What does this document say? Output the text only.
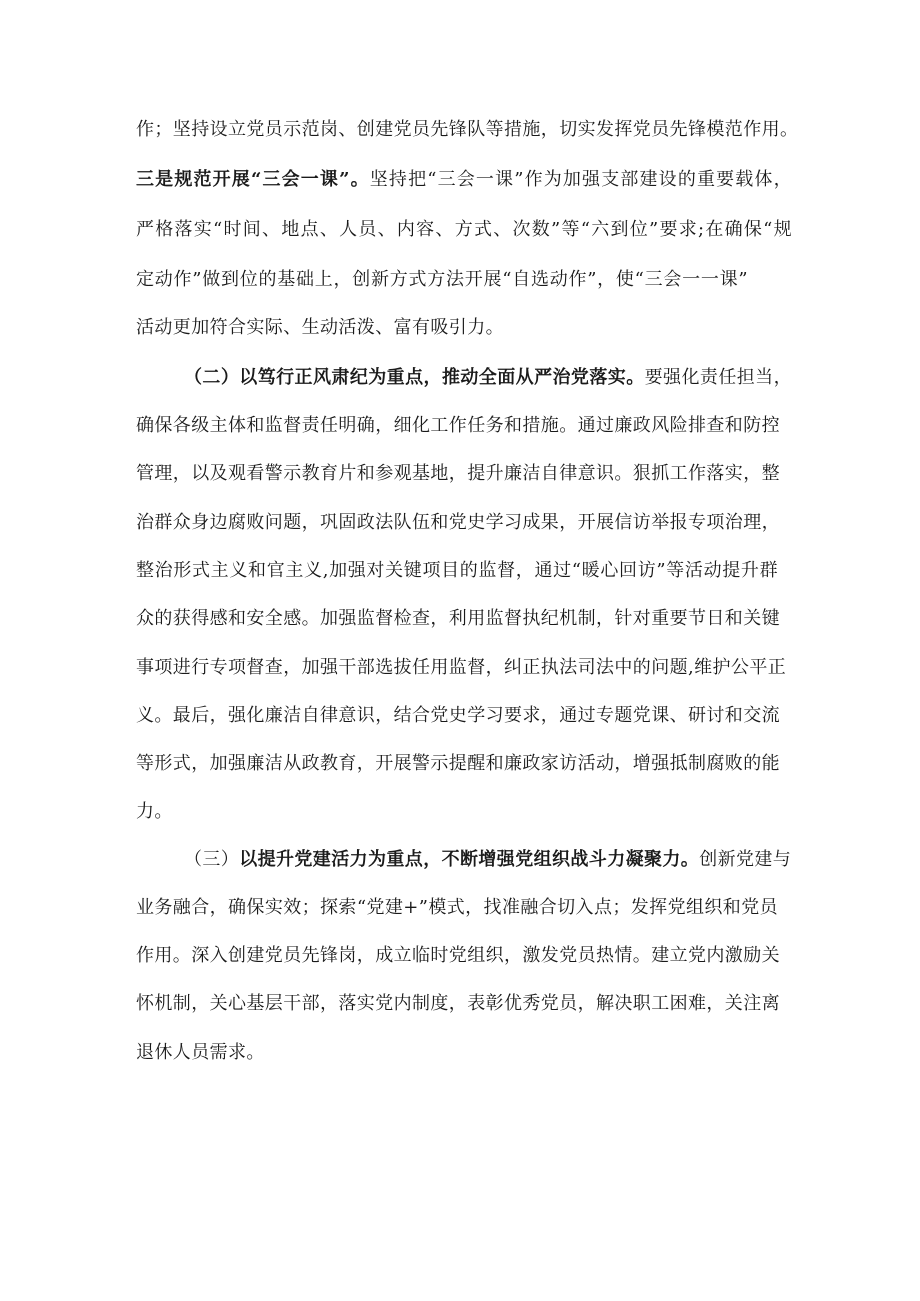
作；坚持设立党员示范岗、创建党员先锋队等措施，切实发挥党员先锋模范作用。
三是规范开展“三会一课”。坚持把“三会一课”作为加强支部建设的重要载体，
严格落实“时间、地点、人员、内容、方式、次数”等“六到位”要求;在确保“规
定动作”做到位的基础上，创新方式方法开展“自选动作”，使“三会一一课”
活动更加符合实际、生动活泼、富有吸引力。
（二）以笃行正风肃纪为重点，推动全面从严治党落实。要强化责任担当，
确保各级主体和监督责任明确，细化工作任务和措施。通过廉政风险排查和防控
管理，以及观看警示教育片和参观基地，提升廉洁自律意识。狠抓工作落实，整
治群众身边腐败问题，巩固政法队伍和党史学习成果，开展信访举报专项治理，
整治形式主义和官主义,加强对关键项目的监督，通过“暖心回访”等活动提升群
众的获得感和安全感。加强监督检查，利用监督执纪机制，针对重要节日和关键
事项进行专项督查，加强干部选拔任用监督，纠正执法司法中的问题,维护公平正
义。最后，强化廉洁自律意识，结合党史学习要求，通过专题党课、研讨和交流
等形式，加强廉洁从政教育，开展警示提醒和廉政家访活动，增强抵制腐败的能
力。
（三）以提升党建活力为重点，不断增强党组织战斗力凝聚力。创新党建与
业务融合，确保实效；探索“党建+”模式，找准融合切入点；发挥党组织和党员
作用。深入创建党员先锋岗，成立临时党组织，激发党员热情。建立党内激励关
怀机制，关心基层干部，落实党内制度，表彰优秀党员，解决职工困难，关注离
退休人员需求。
